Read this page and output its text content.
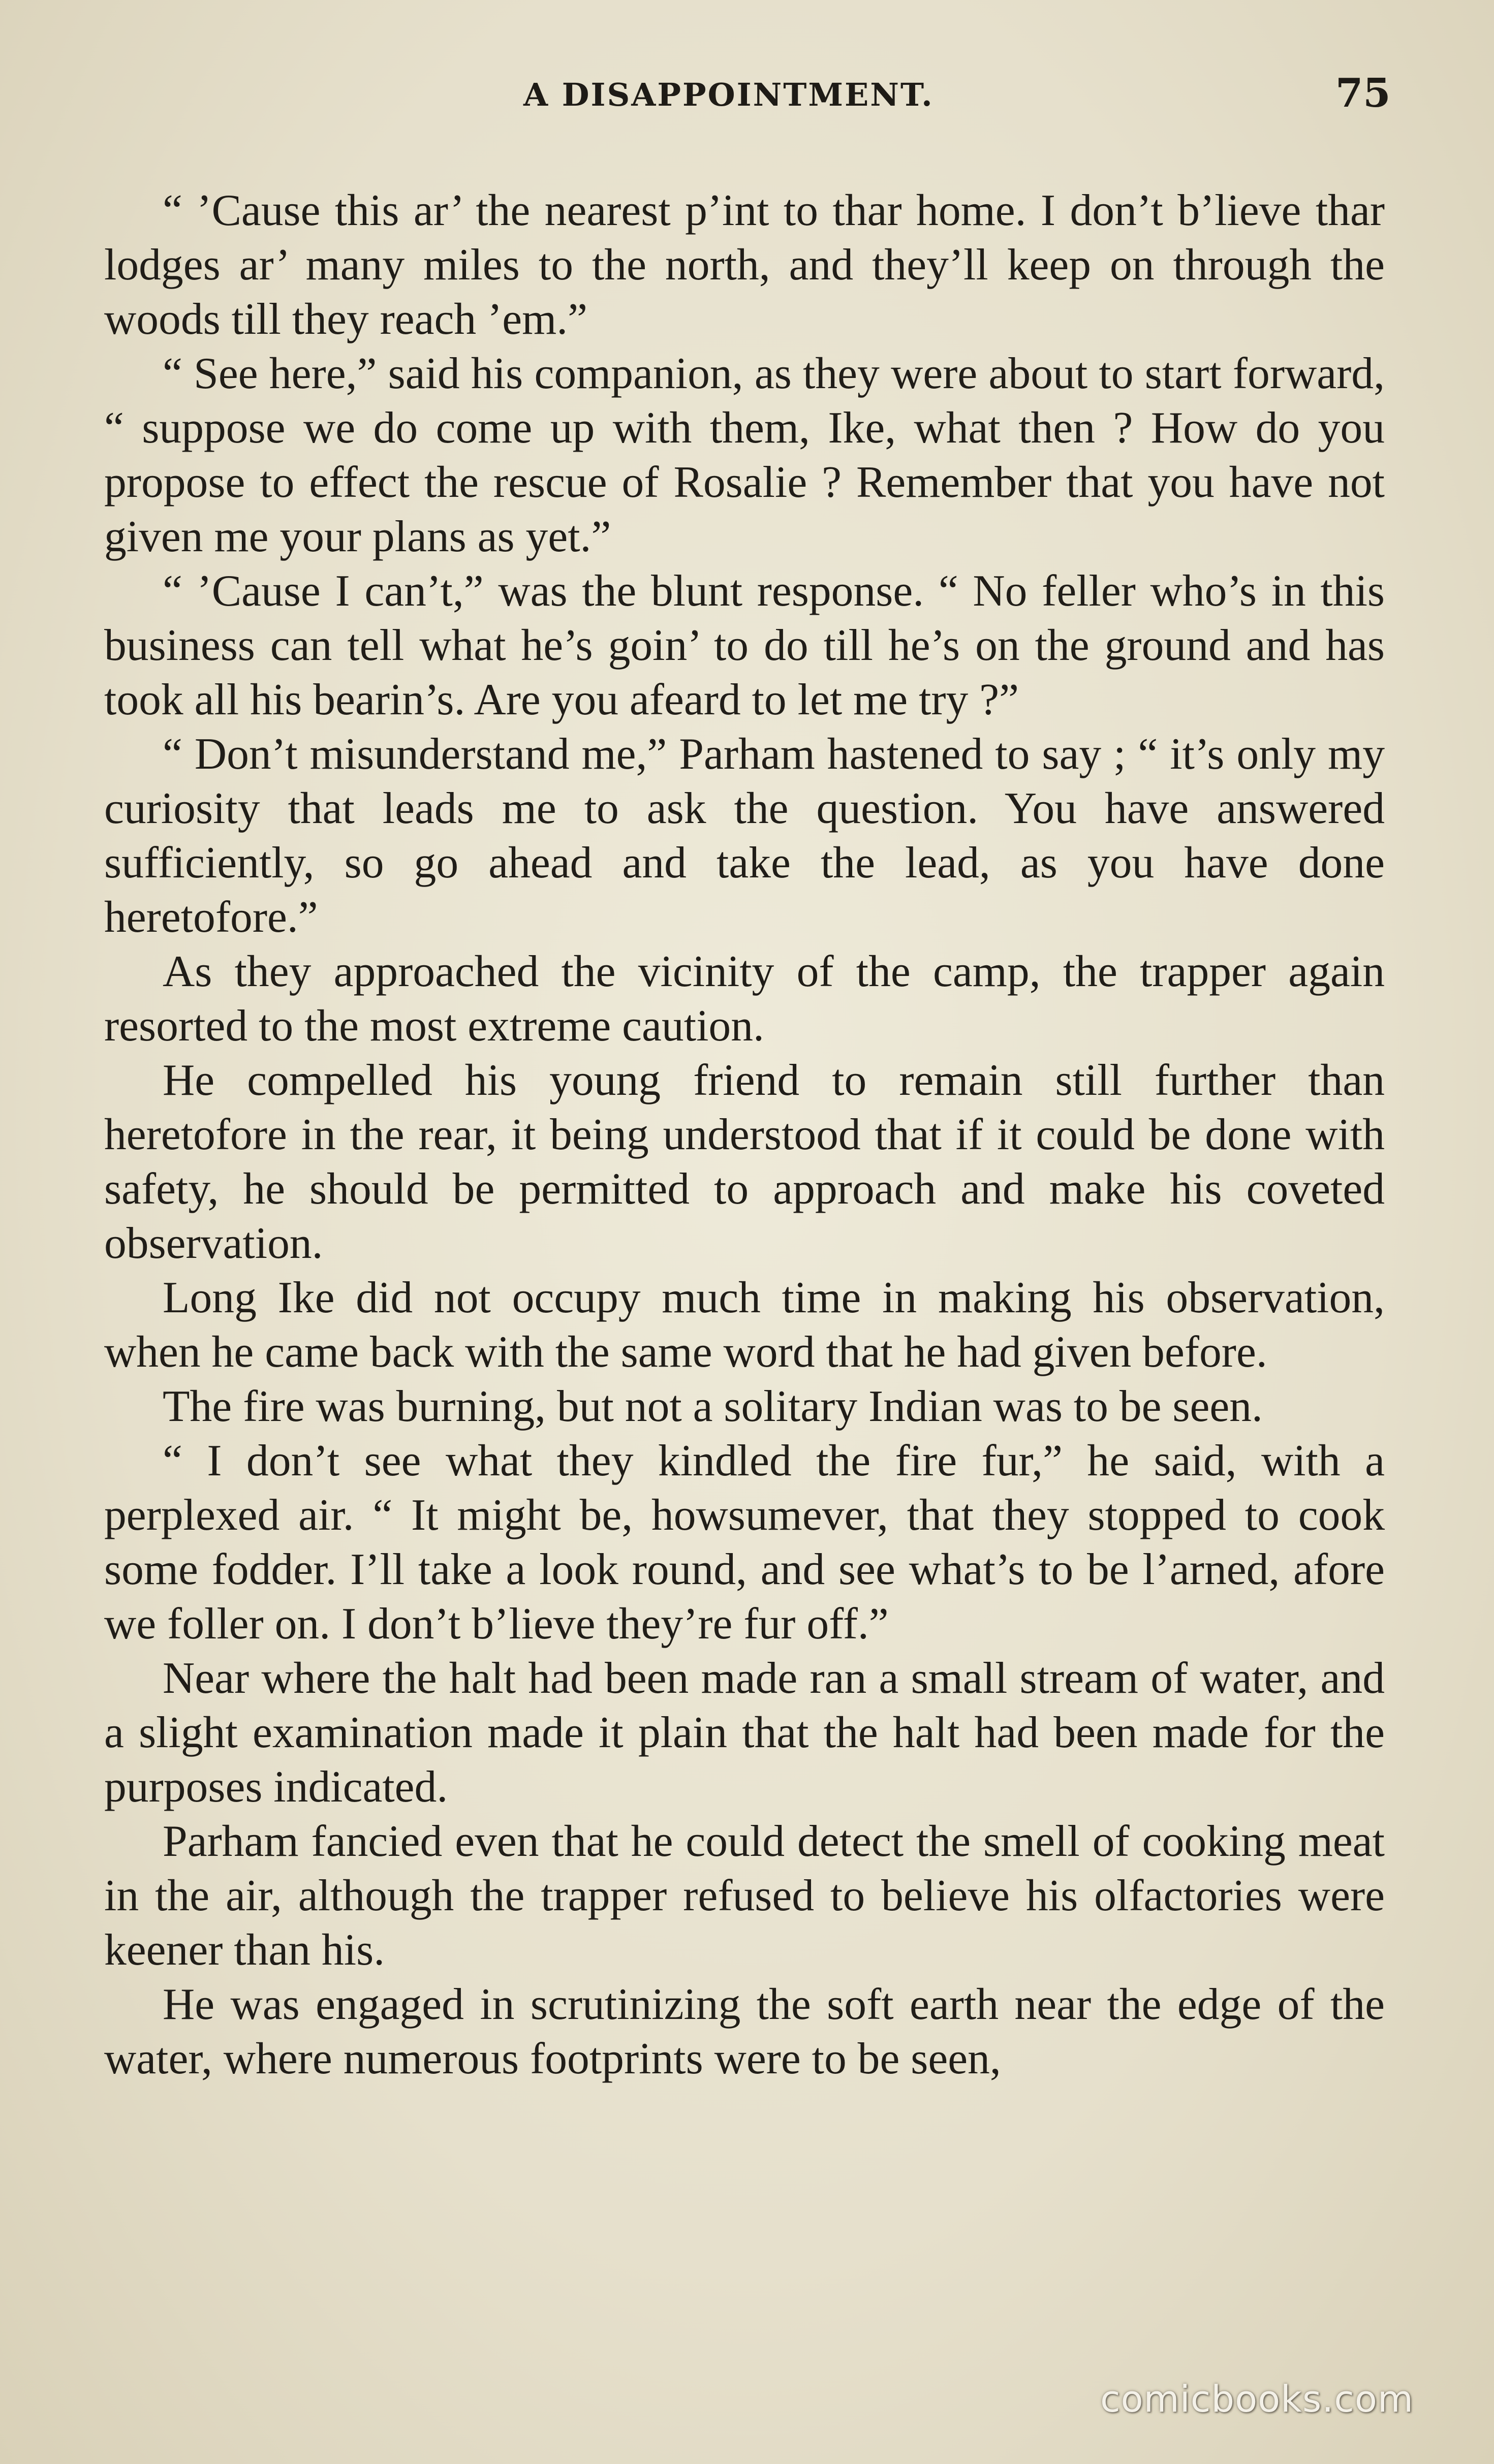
A DISAPPOINTMENT.	75

“ ’Cause this ar’ the nearest p’int to thar home. I don’t b’lieve thar lodges ar’ many miles to the north, and they’ll keep on through the woods till they reach ’em.”

“ See here,” said his companion, as they were about to start forward, “ suppose we do come up with them, Ike, what then ? How do you propose to effect the rescue of Rosalie ? Remember that you have not given me your plans as yet.”

“ ’Cause I can’t,” was the blunt response. “ No feller who’s in this business can tell what he’s goin’ to do till he’s on the ground and has took all his bearin’s. Are you afeard to let me try ?”

“ Don’t misunderstand me,” Parham hastened to say ; “ it’s only my curiosity that leads me to ask the question. You have answered sufficiently, so go ahead and take the lead, as you have done heretofore.”

As they approached the vicinity of the camp, the trapper again resorted to the most extreme caution.

He compelled his young friend to remain still further than heretofore in the rear, it being understood that if it could be done with safety, he should be permitted to approach and make his coveted observation.

Long Ike did not occupy much time in making his observation, when he came back with the same word that he had given before.

The fire was burning, but not a solitary Indian was to be seen.

“ I don’t see what they kindled the fire fur,” he said, with a perplexed air. “ It might be, howsumever, that they stopped to cook some fodder. I’ll take a look round, and see what’s to be l’arned, afore we foller on. I don’t b’lieve they’re fur off.”

Near where the halt had been made ran a small stream of water, and a slight examination made it plain that the halt had been made for the purposes indicated.

Parham fancied even that he could detect the smell of cooking meat in the air, although the trapper refused to believe his olfactories were keener than his.

He was engaged in scrutinizing the soft earth near the edge of the water, where numerous footprints were to be seen,

comicbooks.com
